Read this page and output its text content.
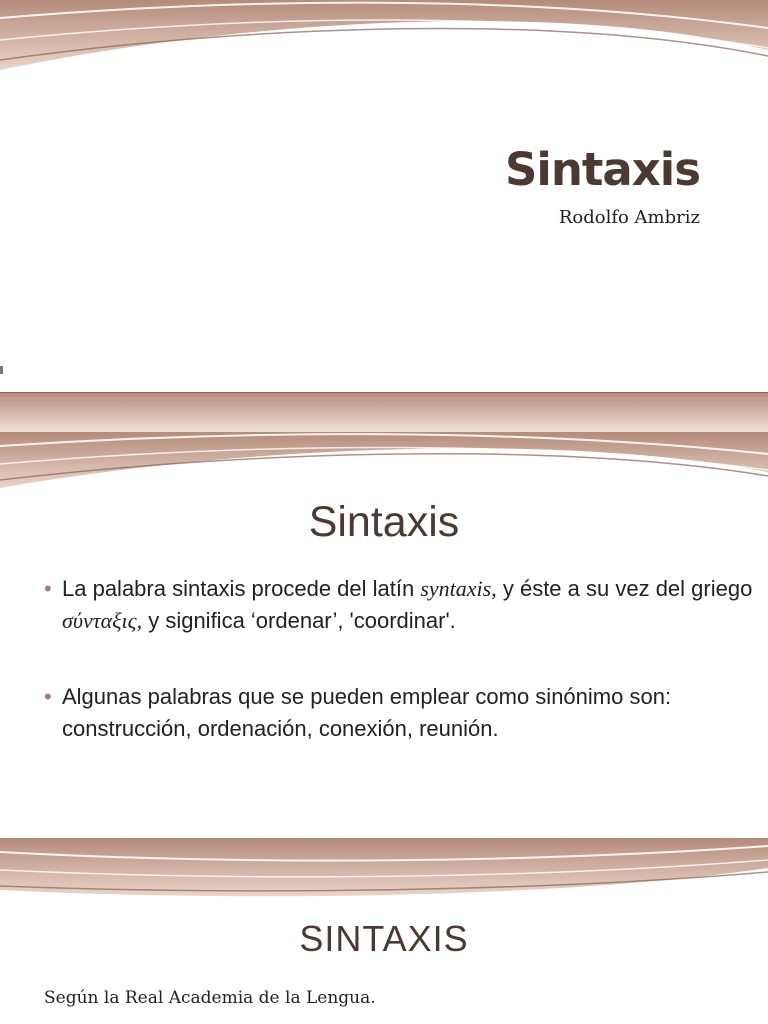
Sintaxis

Rodolfo Ambriz

Sintaxis
• La palabra sintaxis procede del latín syntaxis, y éste a su vez del griego σύνταξις, y significa ‘ordenar’, 'coordinar'.
• Algunas palabras que se pueden emplear como sinónimo son: construcción, ordenación, conexión, reunión.
SINTAXIS

Según la Real Academia de la Lengua.
